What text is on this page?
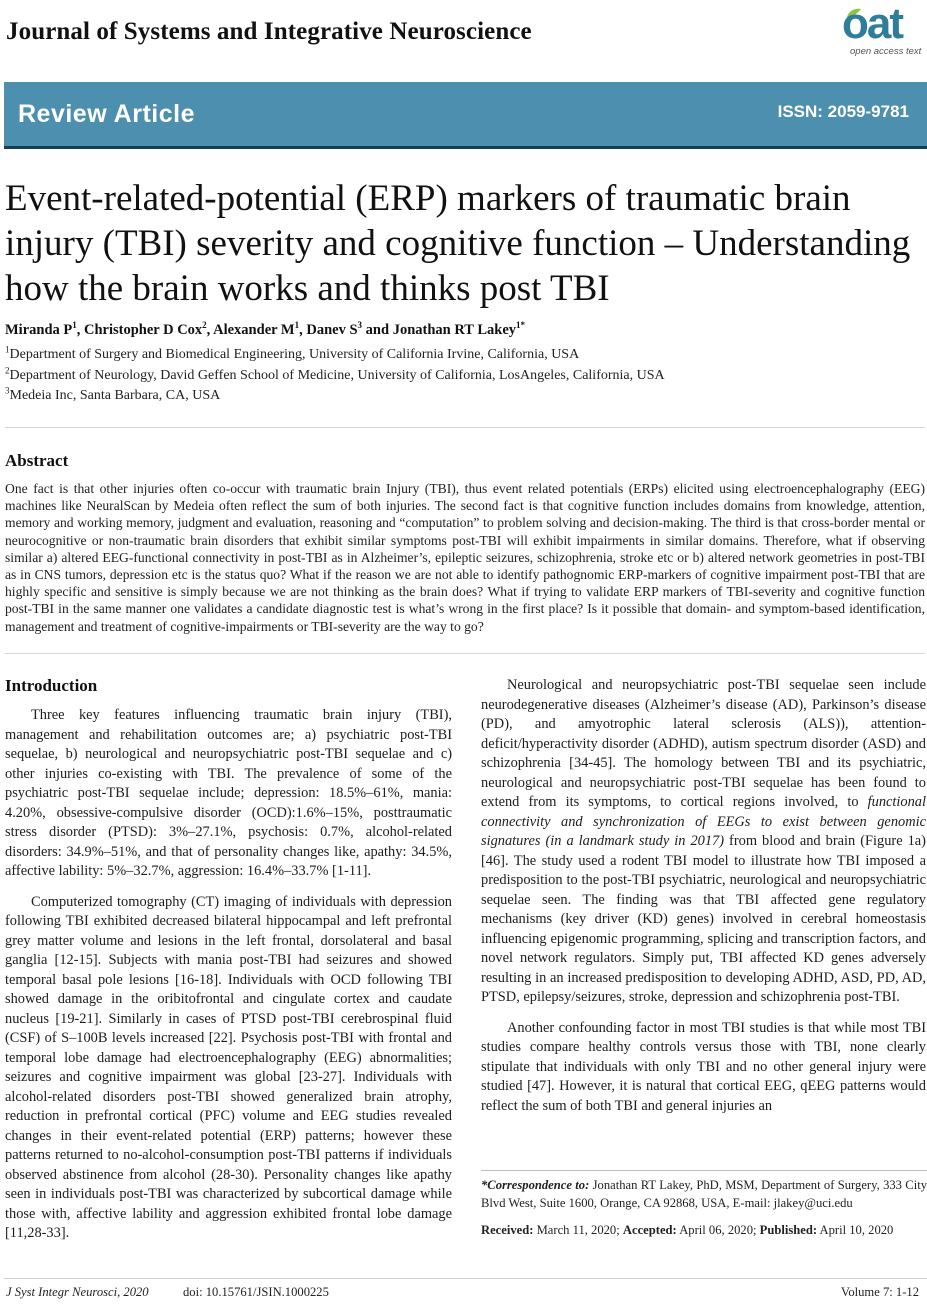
Journal of Systems and Integrative Neuroscience	oat
open access text
Review Article	ISSN: 2059-9781
Event-related-potential (ERP) markers of traumatic brain injury (TBI) severity and cognitive function – Understanding how the brain works and thinks post TBI
Miranda $P^1$, Christopher D Cox$^2$, Alexander $M^1$, Danev $S^3$ and Jonathan RT Lakey$^{1*}$
$^1$Department of Surgery and Biomedical Engineering, University of California Irvine, California, USA
$^2$Department of Neurology, David Geffen School of Medicine, University of California, LosAngeles, California, USA
$^3$Medeia Inc, Santa Barbara, CA, USA
Abstract
One fact is that other injuries often co-occur with traumatic brain Injury (TBI), thus event related potentials (ERPs) elicited using electroencephalography (EEG) machines like NeuralScan by Medeia often reflect the sum of both injuries. The second fact is that cognitive function includes domains from knowledge, attention, memory and working memory, judgment and evaluation, reasoning and “computation” to problem solving and decision-making. The third is that cross-border mental or neurocognitive or non-traumatic brain disorders that exhibit similar symptoms post-TBI will exhibit impairments in similar domains. Therefore, what if observing similar a) altered EEG-functional connectivity in post-TBI as in Alzheimer’s, epileptic seizures, schizophrenia, stroke etc or b) altered network geometries in post-TBI as in CNS tumors, depression etc is the status quo? What if the reason we are not able to identify pathognomic ERP-markers of cognitive impairment post-TBI that are highly specific and sensitive is simply because we are not thinking as the brain does? What if trying to validate ERP markers of TBI-severity and cognitive function post-TBI in the same manner one validates a candidate diagnostic test is what’s wrong in the first place? Is it possible that domain- and symptom-based identification, management and treatment of cognitive-impairments or TBI-severity are the way to go?
Introduction

Three key features influencing traumatic brain injury (TBI), management and rehabilitation outcomes are; a) psychiatric post-TBI sequelae, b) neurological and neuropsychiatric post-TBI sequelae and c) other injuries co-existing with TBI. The prevalence of some of the psychiatric post-TBI sequelae include; depression: 18.5%–61%, mania: 4.20%, obsessive-compulsive disorder (OCD):1.6%–15%, posttraumatic stress disorder (PTSD): 3%–27.1%, psychosis: 0.7%, alcohol-related disorders: 34.9%–51%, and that of personality changes like, apathy: 34.5%, affective lability: 5%–32.7%, aggression: 16.4%–33.7% [1-11].

Computerized tomography (CT) imaging of individuals with depression following TBI exhibited decreased bilateral hippocampal and left prefrontal grey matter volume and lesions in the left frontal, dorsolateral and basal ganglia [12-15]. Subjects with mania post-TBI had seizures and showed temporal basal pole lesions [16-18]. Individuals with OCD following TBI showed damage in the oribitofrontal and cingulate cortex and caudate nucleus [19-21]. Similarly in cases of PTSD post-TBI cerebrospinal fluid (CSF) of S–100B levels increased [22]. Psychosis post-TBI with frontal and temporal lobe damage had electroencephalography (EEG) abnormalities; seizures and cognitive impairment was global [23-27]. Individuals with alcohol-related disorders post-TBI showed generalized brain atrophy, reduction in prefrontal cortical (PFC) volume and EEG studies revealed changes in their event-related potential (ERP) patterns; however these patterns returned to no-alcohol-consumption post-TBI patterns if individuals observed abstinence from alcohol (28-30). Personality changes like apathy seen in individuals post-TBI was characterized by subcortical damage while those with, affective lability and aggression exhibited frontal lobe damage [11,28-33].

Neurological and neuropsychiatric post-TBI sequelae seen include neurodegenerative diseases (Alzheimer’s disease (AD), Parkinson’s disease (PD), and amyotrophic lateral sclerosis (ALS)), attention-deficit/hyperactivity disorder (ADHD), autism spectrum disorder (ASD) and schizophrenia [34-45]. The homology between TBI and its psychiatric, neurological and neuropsychiatric post-TBI sequelae has been found to extend from its symptoms, to cortical regions involved, to functional connectivity and synchronization of EEGs to exist between genomic signatures (in a landmark study in 2017) from blood and brain (Figure 1a) [46]. The study used a rodent TBI model to illustrate how TBI imposed a predisposition to the post-TBI psychiatric, neurological and neuropsychiatric sequelae seen. The finding was that TBI affected gene regulatory mechanisms (key driver (KD) genes) involved in cerebral homeostasis influencing epigenomic programming, splicing and transcription factors, and novel network regulators. Simply put, TBI affected KD genes adversely resulting in an increased predisposition to developing ADHD, ASD, PD, AD, PTSD, epilepsy/seizures, stroke, depression and schizophrenia post-TBI.

Another confounding factor in most TBI studies is that while most TBI studies compare healthy controls versus those with TBI, none clearly stipulate that individuals with only TBI and no other general injury were studied [47]. However, it is natural that cortical EEG, qEEG patterns would reflect the sum of both TBI and general injuries an

*Correspondence to: Jonathan RT Lakey, PhD, MSM, Department of Surgery, 333 City Blvd West, Suite 1600, Orange, CA 92868, USA, E-mail: jlakey@uci.edu
Received: March 11, 2020; Accepted: April 06, 2020; Published: April 10, 2020
J Syst Integr Neurosci, 2020	doi: 10.15761/JSIN.1000225	Volume 7: 1-12
